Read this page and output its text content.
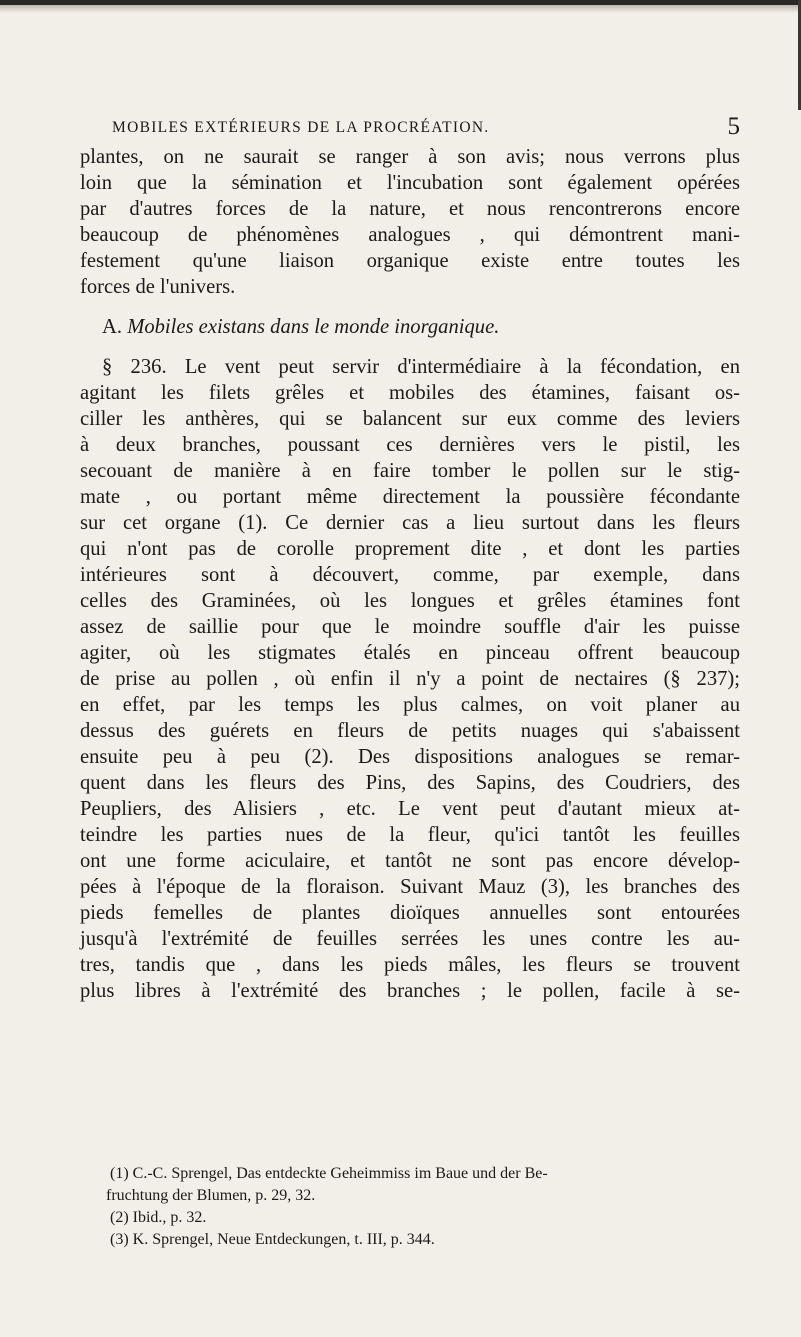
MOBILES EXTÉRIEURS DE LA PROCRÉATION.	5
plantes, on ne saurait se ranger à son avis; nous verrons plus
loin que la sémination et l'incubation sont également opérées
par d'autres forces de la nature, et nous rencontrerons encore
beaucoup de phénomènes analogues , qui démontrent mani-
festement qu'une liaison organique existe entre toutes les
forces de l'univers.
A. Mobiles existans dans le monde inorganique.
§ 236. Le vent peut servir d'intermédiaire à la fécondation, en
agitant les filets grêles et mobiles des étamines, faisant os-
ciller les anthères, qui se balancent sur eux comme des leviers
à deux branches, poussant ces dernières vers le pistil, les
secouant de manière à en faire tomber le pollen sur le stig-
mate , ou portant même directement la poussière fécondante
sur cet organe (1). Ce dernier cas a lieu surtout dans les fleurs
qui n'ont pas de corolle proprement dite , et dont les parties
intérieures sont à découvert, comme, par exemple, dans
celles des Graminées, où les longues et grêles étamines font
assez de saillie pour que le moindre souffle d'air les puisse
agiter, où les stigmates étalés en pinceau offrent beaucoup
de prise au pollen , où enfin il n'y a point de nectaires (§ 237);
en effet, par les temps les plus calmes, on voit planer au
dessus des guérets en fleurs de petits nuages qui s'abaissent
ensuite peu à peu (2). Des dispositions analogues se remar-
quent dans les fleurs des Pins, des Sapins, des Coudriers, des
Peupliers, des Alisiers , etc. Le vent peut d'autant mieux at-
teindre les parties nues de la fleur, qu'ici tantôt les feuilles
ont une forme aciculaire, et tantôt ne sont pas encore dévelop-
pées à l'époque de la floraison. Suivant Mauz (3), les branches des
pieds femelles de plantes dioïques annuelles sont entourées
jusqu'à l'extrémité de feuilles serrées les unes contre les au-
tres, tandis que , dans les pieds mâles, les fleurs se trouvent
plus libres à l'extrémité des branches ; le pollen, facile à se-
(1) C.-C. Sprengel, Das entdeckte Geheimmiss im Baue und der Be-
fruchtung der Blumen, p. 29, 32.
(2) Ibid., p. 32.
(3) K. Sprengel, Neue Entdeckungen, t. III, p. 344.
